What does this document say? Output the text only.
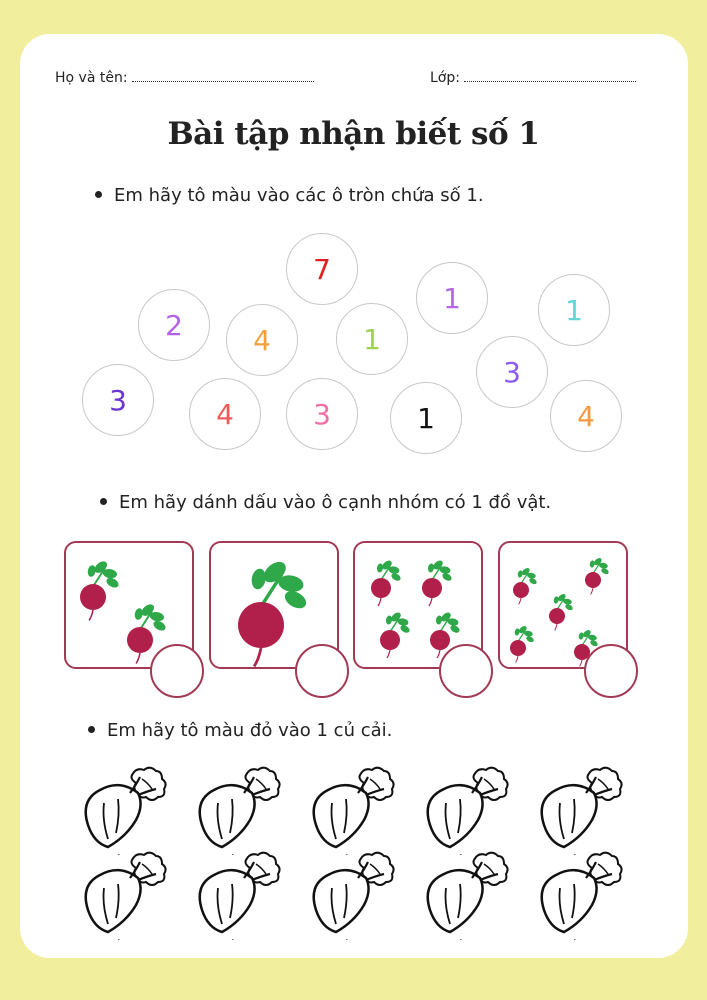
Họ và tên:	Lớp:
Bài tập nhận biết số 1
Em hãy tô màu vào các ô tròn chứa số 1.
7
2	4	1
1	1
3	4	3	1
3
4
Em hãy dánh dấu vào ô cạnh nhóm có 1 đồ vật.
Em hãy tô màu đỏ vào 1 củ cải.
